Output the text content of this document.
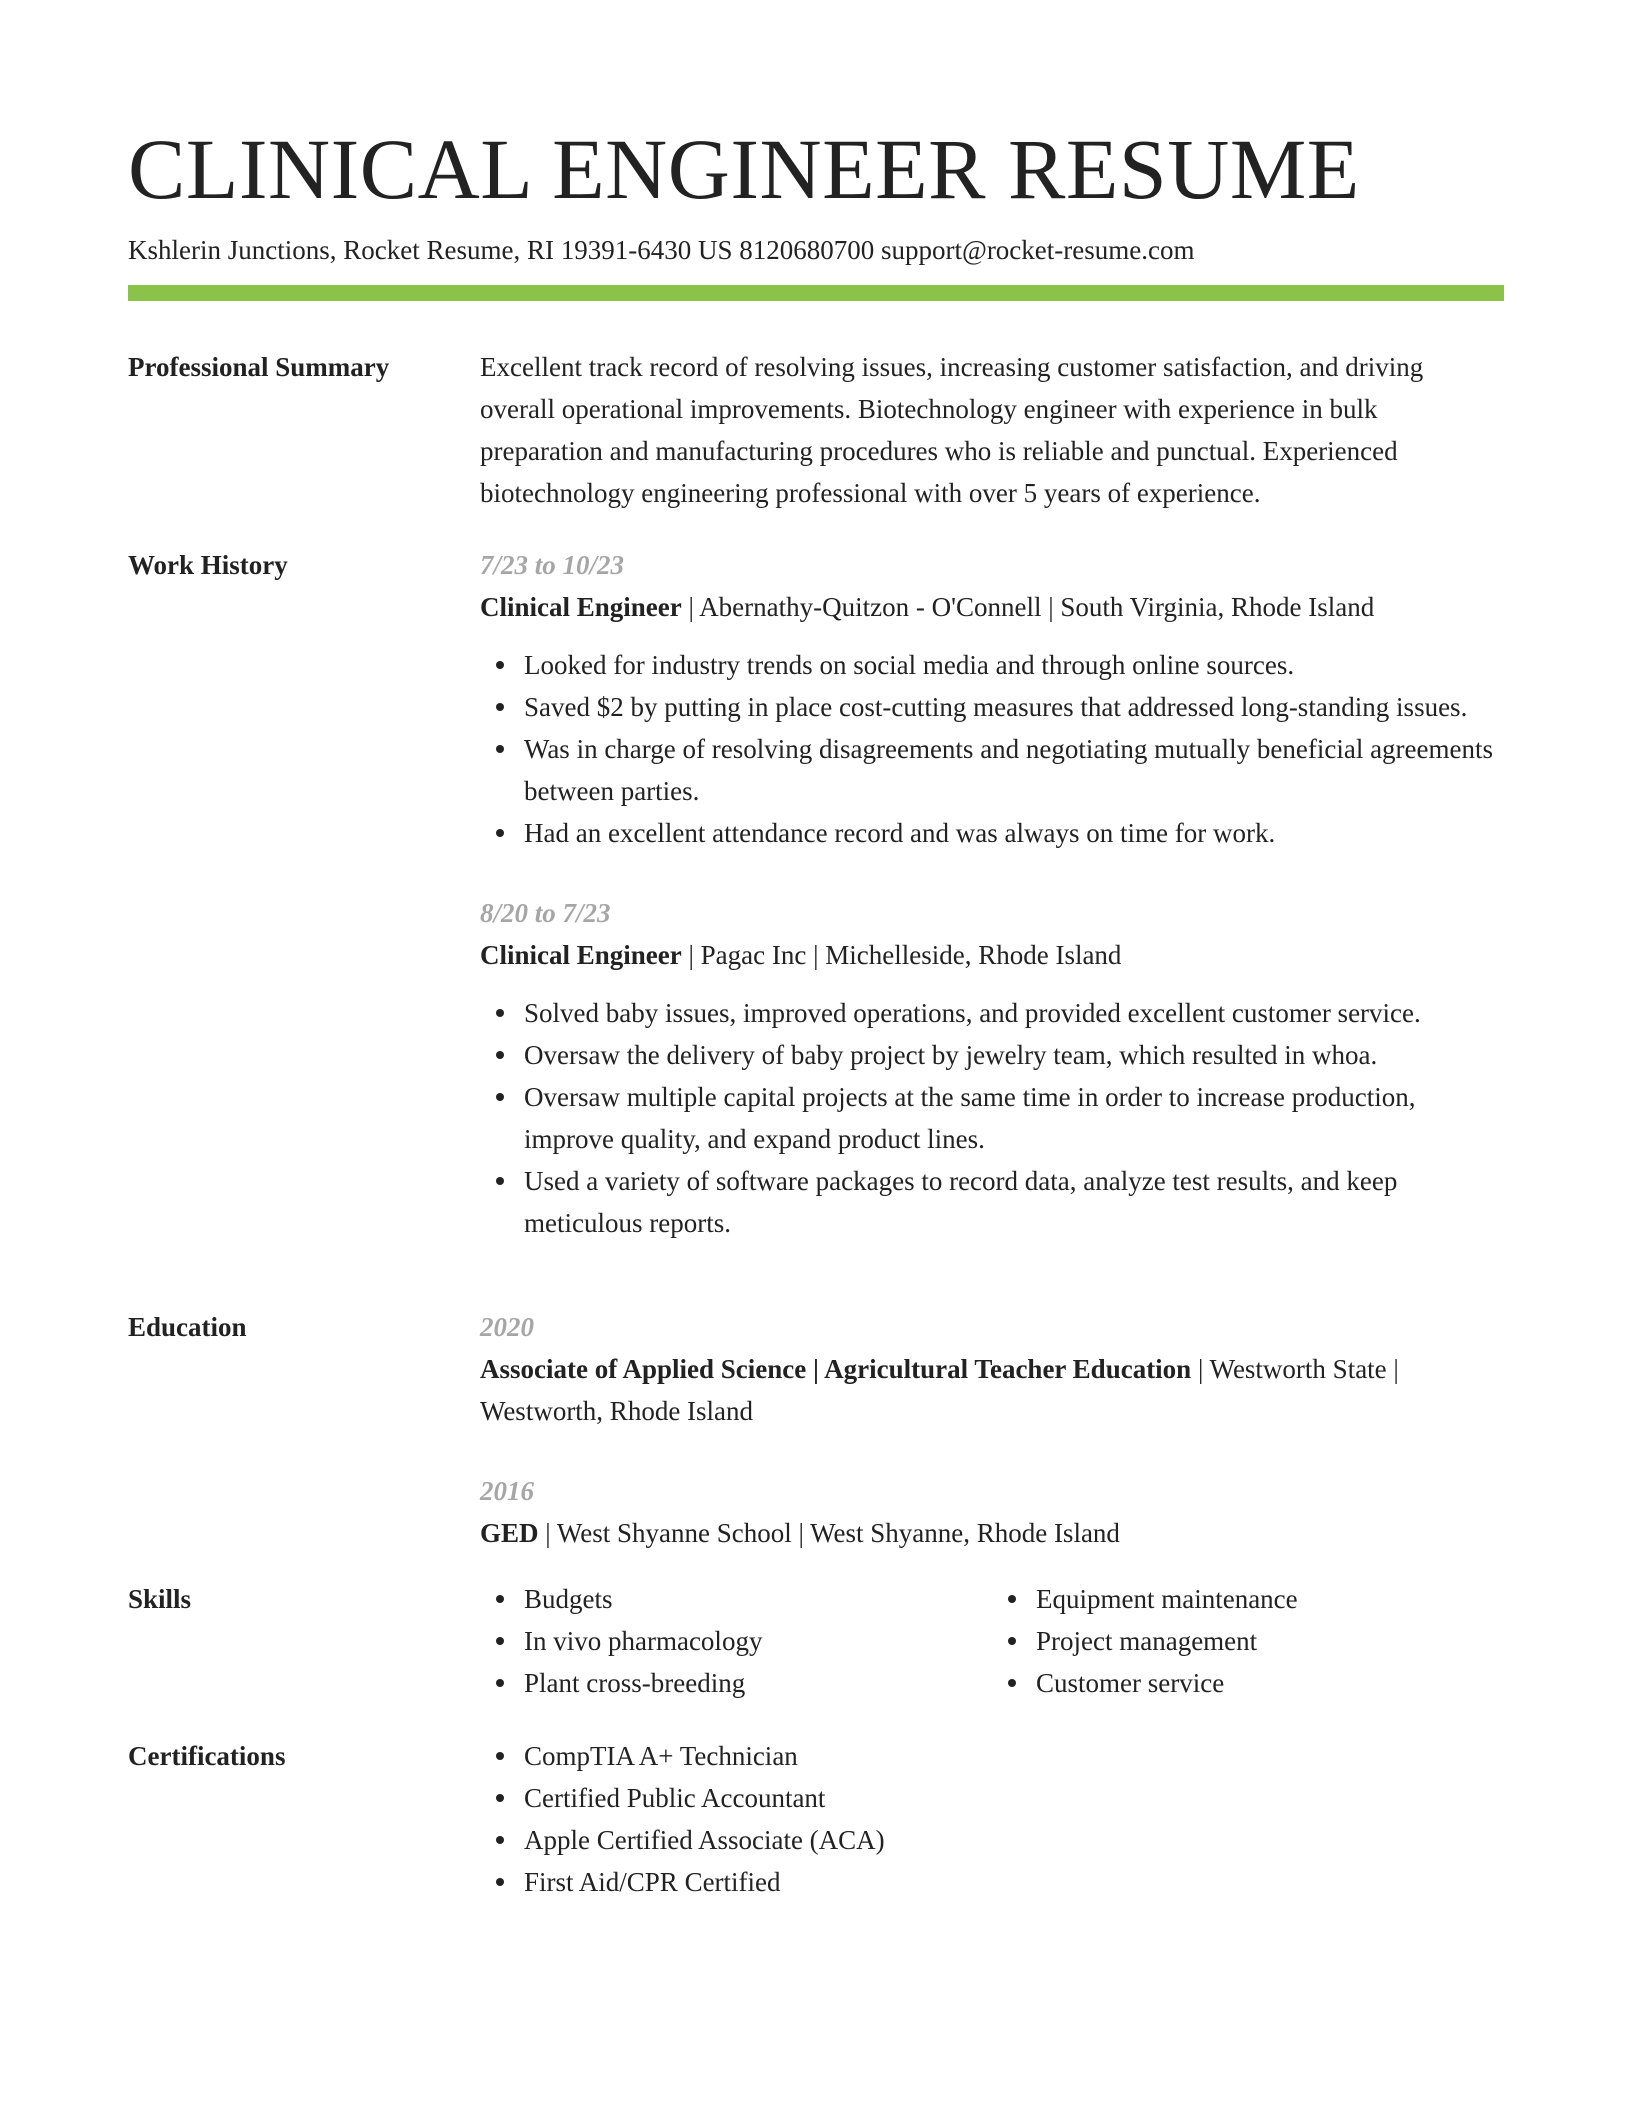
CLINICAL ENGINEER RESUME
Kshlerin Junctions, Rocket Resume, RI 19391-6430 US 8120680700 support@rocket-resume.com
Professional Summary	Excellent track record of resolving issues, increasing customer satisfaction, and driving overall operational improvements. Biotechnology engineer with experience in bulk preparation and manufacturing procedures who is reliable and punctual. Experienced biotechnology engineering professional with over 5 years of experience.

Work History	7/23 to 10/23
Clinical Engineer | Abernathy-Quitzon - O'Connell | South Virginia, Rhode Island
Looked for industry trends on social media and through online sources.
Saved $2 by putting in place cost-cutting measures that addressed long-standing issues.
Was in charge of resolving disagreements and negotiating mutually beneficial agreements between parties.
Had an excellent attendance record and was always on time for work.
8/20 to 7/23
Clinical Engineer | Pagac Inc | Michelleside, Rhode Island
Solved baby issues, improved operations, and provided excellent customer service.
Oversaw the delivery of baby project by jewelry team, which resulted in whoa.
Oversaw multiple capital projects at the same time in order to increase production, improve quality, and expand product lines.
Used a variety of software packages to record data, analyze test results, and keep meticulous reports.
Education	2020
Associate of Applied Science | Agricultural Teacher Education | Westworth State | Westworth, Rhode Island
2016
GED | West Shyanne School | West Shyanne, Rhode Island
Skills	Budgets
In vivo pharmacology
Plant cross-breeding
Equipment maintenance
Project management
Customer service
Certifications	CompTIA A+ Technician
Certified Public Accountant
Apple Certified Associate (ACA)
First Aid/CPR Certified
